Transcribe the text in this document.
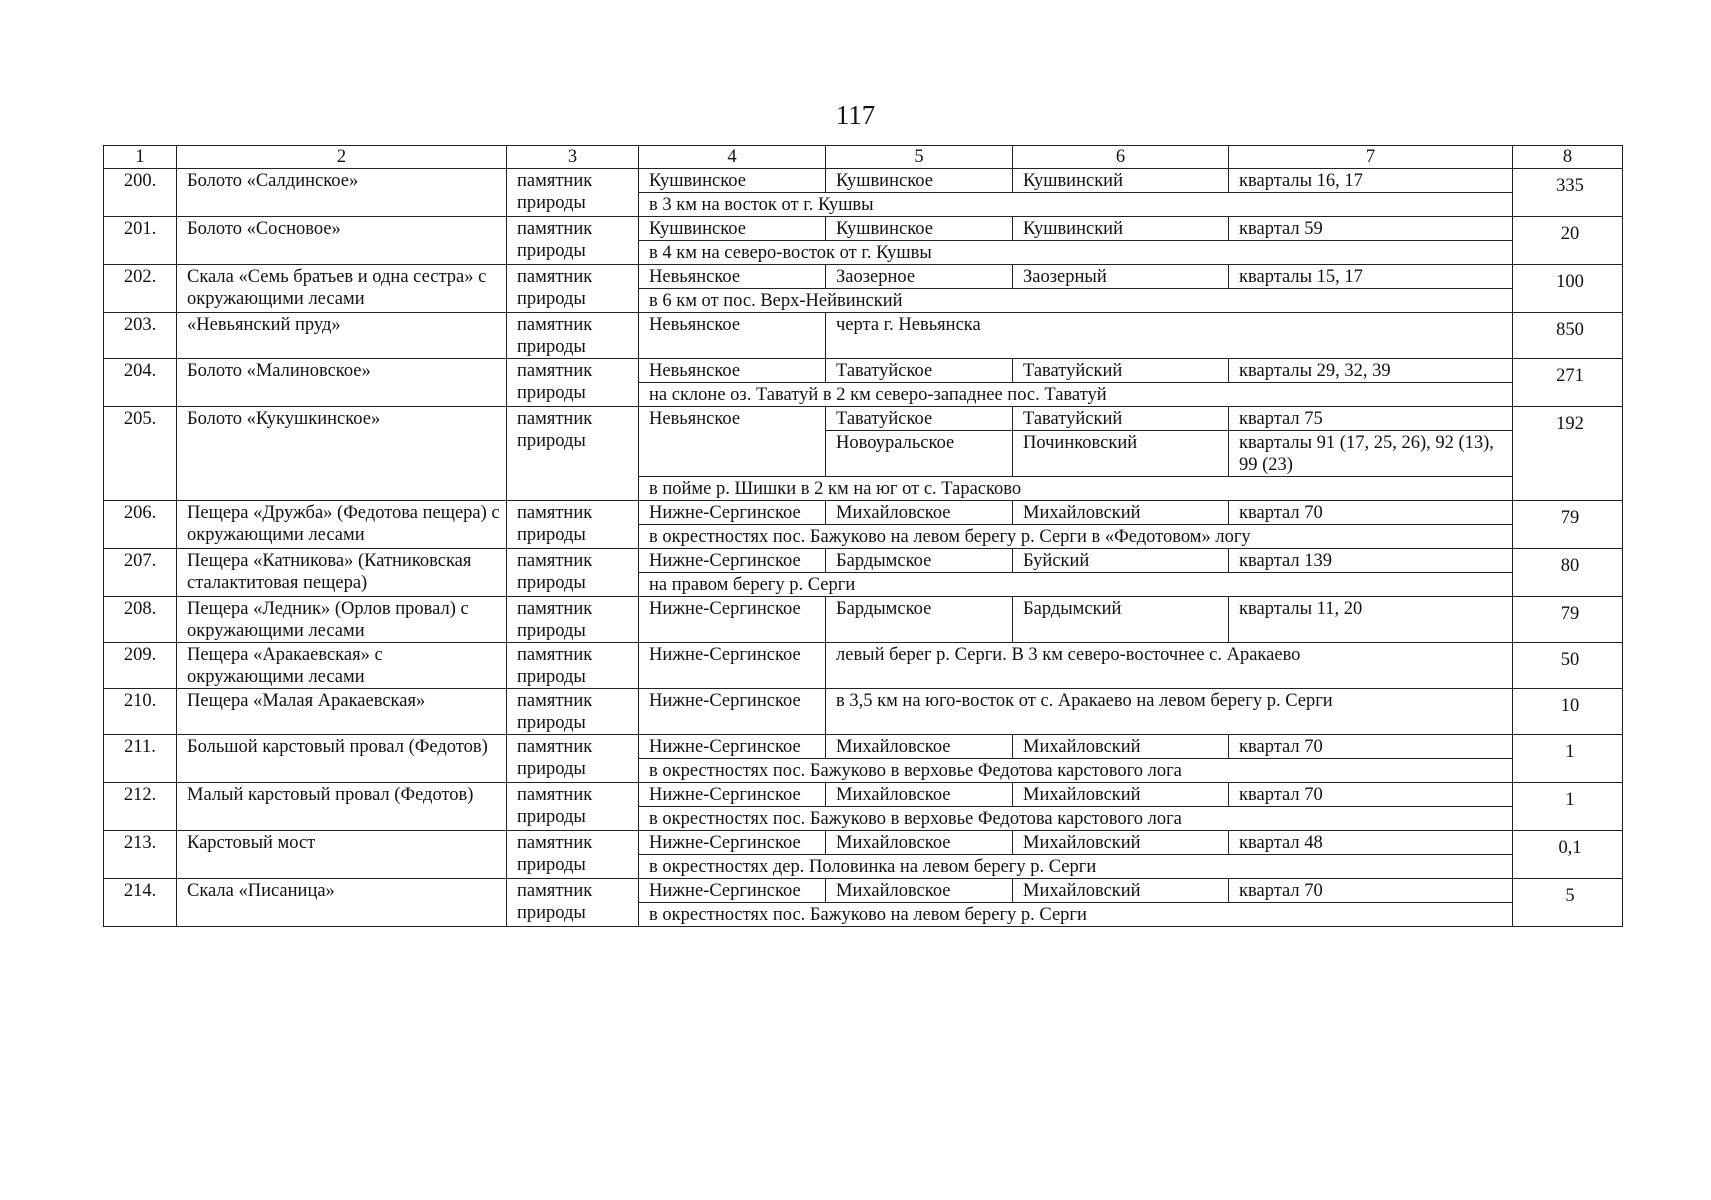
117
1	2	3	4	5	6	7	8
200.	Болото «Салдинское»	памятник природы	Кушвинское	Кушвинское	Кушвинский	кварталы 16, 17	335
			в 3 км на восток от г. Кушвы				
201.	Болото «Сосновое»	памятник природы	Кушвинское	Кушвинское	Кушвинский	квартал 59	20
			в 4 км на северо-восток от г. Кушвы				
202.	Скала «Семь братьев и одна сестра» с окружающими лесами	памятник природы	Невьянское	Заозерное	Заозерный	кварталы 15, 17	100
			в 6 км от пос. Верх-Нейвинский				
203.	«Невьянский пруд»	памятник природы	Невьянское	черта г. Невьянска			850
204.	Болото «Малиновское»	памятник природы	Невьянское	Таватуйское	Таватуйский	кварталы 29, 32, 39	271
			на склоне оз. Таватуй в 2 км северо-западнее пос. Таватуй				
205.	Болото «Кукушкинское»	памятник природы	Невьянское	Таватуйское	Таватуйский	квартал 75	192
				Новоуральское	Починковский	кварталы 91 (17, 25, 26), 92 (13), 99 (23)	
			в пойме р. Шишки в 2 км на юг от с. Тарасково				
206.	Пещера «Дружба» (Федотова пещера) с окружающими лесами	памятник природы	Нижне-Сергинское	Михайловское	Михайловский	квартал 70	79
			в окрестностях пос. Бажуково на левом берегу р. Серги в «Федотовом» логу				
207.	Пещера «Катникова» (Катниковская сталактитовая пещера)	памятник природы	Нижне-Сергинское	Бардымское	Буйский	квартал 139	80
			на правом берегу р. Серги				
208.	Пещера «Ледник» (Орлов провал) с окружающими лесами	памятник природы	Нижне-Сергинское	Бардымское	Бардымский	кварталы 11, 20	79
209.	Пещера «Аракаевская» с окружающими лесами	памятник природы	Нижне-Сергинское	левый берег р. Серги. В 3 км северо-восточнее с. Аракаево			50
210.	Пещера «Малая Аракаевская»	памятник природы	Нижне-Сергинское	в 3,5 км на юго-восток от с. Аракаево на левом берегу р. Серги			10
211.	Большой карстовый провал (Федотов)	памятник природы	Нижне-Сергинское	Михайловское	Михайловский	квартал 70	1
			в окрестностях пос. Бажуково в верховье Федотова карстового лога				
212.	Малый карстовый провал (Федотов)	памятник природы	Нижне-Сергинское	Михайловское	Михайловский	квартал 70	1
			в окрестностях пос. Бажуково в верховье Федотова карстового лога				
213.	Карстовый мост	памятник природы	Нижне-Сергинское	Михайловское	Михайловский	квартал 48	0,1
			в окрестностях дер. Половинка на левом берегу р. Серги				
214.	Скала «Писаница»	памятник природы	Нижне-Сергинское	Михайловское	Михайловский	квартал 70	5
			в окрестностях пос. Бажуково на левом берегу р. Серги				
